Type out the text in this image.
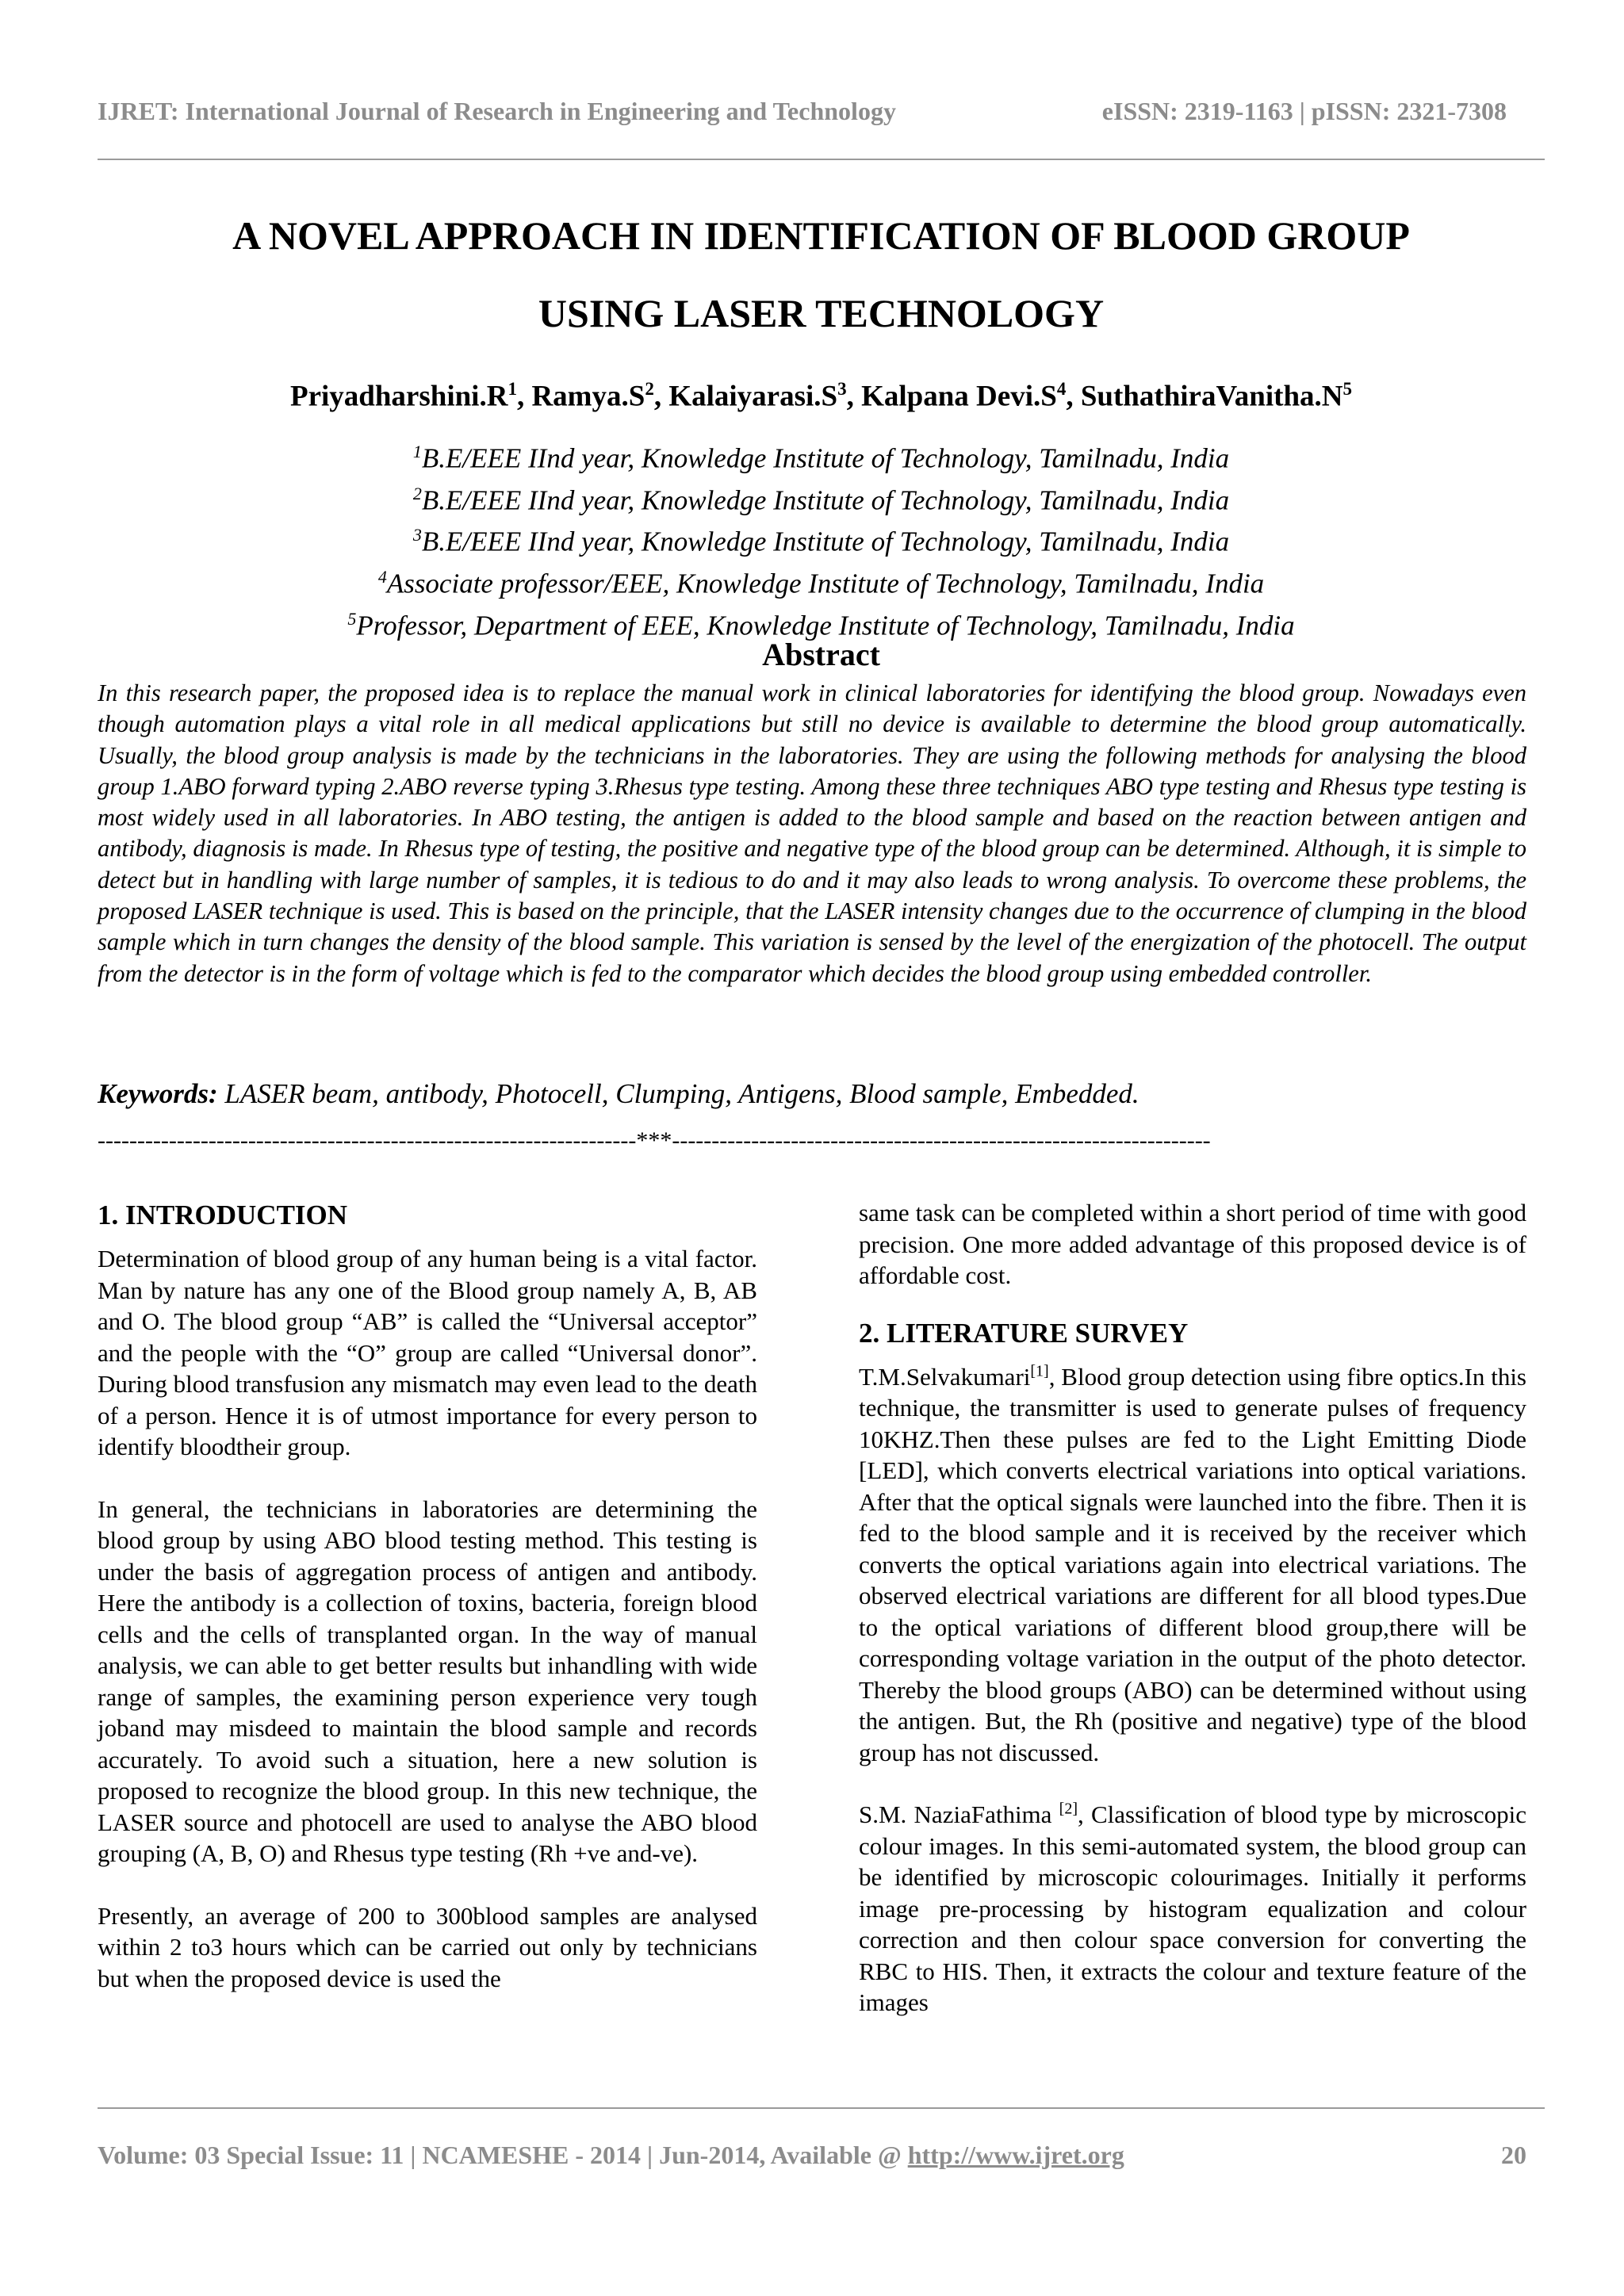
IJRET: International Journal of Research in Engineering and Technology	eISSN: 2319-1163 | pISSN: 2321-7308
A NOVEL APPROACH IN IDENTIFICATION OF BLOOD GROUP
USING LASER TECHNOLOGY
$Priyadharshini.R^1$, $Ramya.S^2$, $Kalaiyarasi.S^3$, Kalpana $Devi.S^4$, $SuthathiraVanitha.N^5$
$^1$B.E/EEE IInd year, Knowledge Institute of Technology, Tamilnadu, India
$^2$B.E/EEE IInd year, Knowledge Institute of Technology, Tamilnadu, India
$^3$B.E/EEE IInd year, Knowledge Institute of Technology, Tamilnadu, India
$^4$Associate professor/EEE, Knowledge Institute of Technology, Tamilnadu, India
$^5$Professor, Department of EEE, Knowledge Institute of Technology, Tamilnadu, India
Abstract
In this research paper, the proposed idea is to replace the manual work in clinical laboratories for identifying the blood group. Nowadays even though automation plays a vital role in all medical applications but still no device is available to determine the blood group automatically. Usually, the blood group analysis is made by the technicians in the laboratories. They are using the following methods for analysing the blood group 1.ABO forward typing 2.ABO reverse typing 3.Rhesus type testing. Among these three techniques ABO type testing and Rhesus type testing is most widely used in all laboratories. In ABO testing, the antigen is added to the blood sample and based on the reaction between antigen and antibody, diagnosis is made. In Rhesus type of testing, the positive and negative type of the blood group can be determined. Although, it is simple to detect but in handling with large number of samples, it is tedious to do and it may also leads to wrong analysis. To overcome these problems, the proposed LASER technique is used. This is based on the principle, that the LASER intensity changes due to the occurrence of clumping in the blood sample which in turn changes the density of the blood sample. This variation is sensed by the level of the energization of the photocell. The output from the detector is in the form of voltage which is fed to the comparator which decides the blood group using embedded controller.
Keywords: LASER beam, antibody, Photocell, Clumping, Antigens, Blood sample, Embedded.
--------------------------------------------------------------------***--------------------------------------------------------------------
1. INTRODUCTION

Determination of blood group of any human being is a vital factor. Man by nature has any one of the Blood group namely A, B, AB and O. The blood group “AB” is called the “Universal acceptor” and the people with the “O” group are called “Universal donor”. During blood transfusion any mismatch may even lead to the death of a person. Hence it is of utmost importance for every person to identify bloodtheir group.

In general, the technicians in laboratories are determining the blood group by using ABO blood testing method. This testing is under the basis of aggregation process of antigen and antibody. Here the antibody is a collection of toxins, bacteria, foreign blood cells and the cells of transplanted organ. In the way of manual analysis, we can able to get better results but inhandling with wide range of samples, the examining person experience very tough joband may misdeed to maintain the blood sample and records accurately. To avoid such a situation, here a new solution is proposed to recognize the blood group. In this new technique, the LASER source and photocell are used to analyse the ABO blood grouping (A, B, O) and Rhesus type testing (Rh +ve and-ve).

Presently, an average of 200 to 300blood samples are analysed within 2 to3 hours which can be carried out only by technicians but when the proposed device is used the

same task can be completed within a short period of time with good precision. One more added advantage of this proposed device is of affordable cost.

2. LITERATURE SURVEY

T.M.Selvakumari[1], Blood group detection using fibre optics.In this technique, the transmitter is used to generate pulses of frequency 10KHZ.Then these pulses are fed to the Light Emitting Diode [LED], which converts electrical variations into optical variations. After that the optical signals were launched into the fibre. Then it is fed to the blood sample and it is received by the receiver which converts the optical variations again into electrical variations. The observed electrical variations are different for all blood types.Due to the optical variations of different blood group,there will be corresponding voltage variation in the output of the photo detector. Thereby the blood groups (ABO) can be determined without using the antigen. But, the Rh (positive and negative) type of the blood group has not discussed.

S.M. NaziaFathima [2], Classification of blood type by microscopic colour images. In this semi-automated system, the blood group can be identified by microscopic colourimages. Initially it performs image pre-processing by histogram equalization and colour correction and then colour space conversion for converting the RBC to HIS. Then, it extracts the colour and texture feature of the images

Volume: 03 Special Issue: 11 | NCAMESHE - 2014 | Jun-2014, Available @ http://www.ijret.org	20
